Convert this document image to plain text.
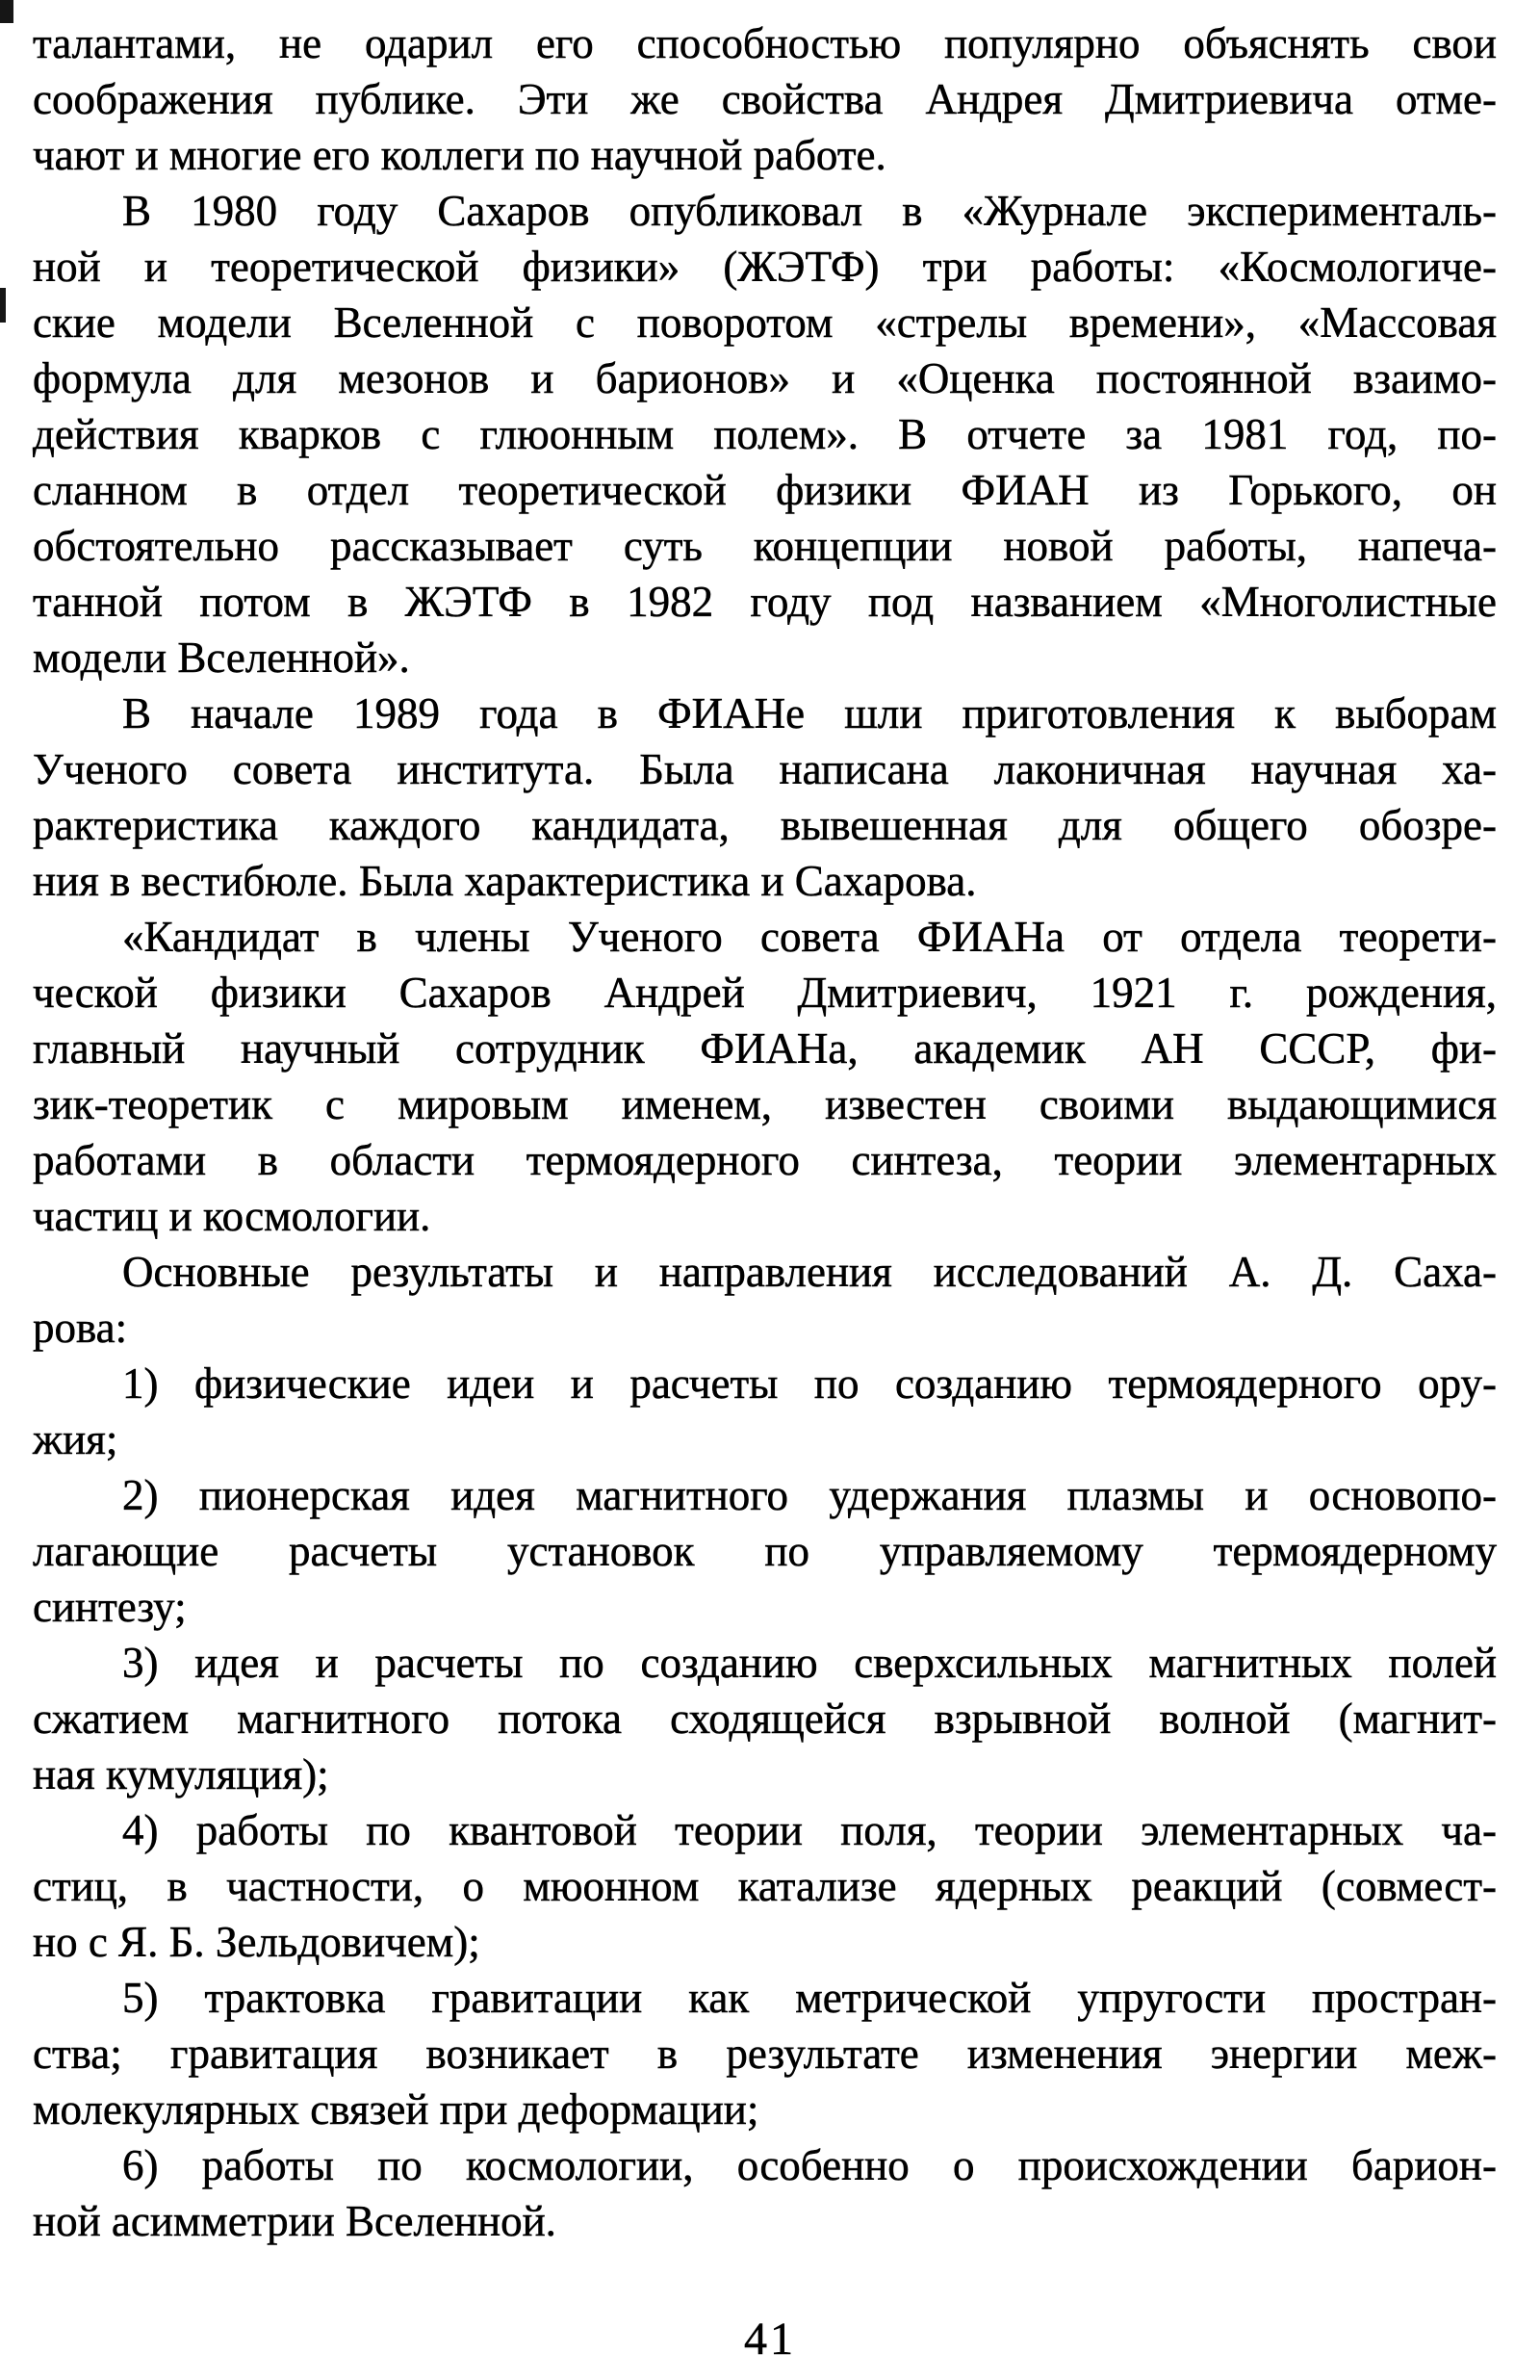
талантами, не одарил его способностью популярно объяснять свои
соображения публике. Эти же свойства Андрея Дмитриевича отме-
чают и многие его коллеги по научной работе.
В 1980 году Сахаров опубликовал в «Журнале эксперименталь-
ной и теоретической физики» (ЖЭТФ) три работы: «Космологиче-
ские модели Вселенной с поворотом «стрелы времени», «Массовая
формула для мезонов и барионов» и «Оценка постоянной взаимо-
действия кварков с глюонным полем». В отчете за 1981 год, по-
сланном в отдел теоретической физики ФИАН из Горького, он
обстоятельно рассказывает суть концепции новой работы, напеча-
танной потом в ЖЭТФ в 1982 году под названием «Многолистные
модели Вселенной».
В начале 1989 года в ФИАНе шли приготовления к выборам
Ученого совета института. Была написана лаконичная научная ха-
рактеристика каждого кандидата, вывешенная для общего обозре-
ния в вестибюле. Была характеристика и Сахарова.
«Кандидат в члены Ученого совета ФИАНа от отдела теорети-
ческой физики Сахаров Андрей Дмитриевич, 1921 г. рождения,
главный научный сотрудник ФИАНа, академик АН СССР, фи-
зик-теоретик с мировым именем, известен своими выдающимися
работами в области термоядерного синтеза, теории элементарных
частиц и космологии.
Основные результаты и направления исследований А. Д. Саха-
рова:
1) физические идеи и расчеты по созданию термоядерного ору-
жия;
2) пионерская идея магнитного удержания плазмы и основопо-
лагающие расчеты установок по управляемому термоядерному
синтезу;
3) идея и расчеты по созданию сверхсильных магнитных полей
сжатием магнитного потока сходящейся взрывной волной (магнит-
ная кумуляция);
4) работы по квантовой теории поля, теории элементарных ча-
стиц, в частности, о мюонном катализе ядерных реакций (совмест-
но с Я. Б. Зельдовичем);
5) трактовка гравитации как метрической упругости простран-
ства; гравитация возникает в результате изменения энергии меж-
молекулярных связей при деформации;
6) работы по космологии, особенно о происхождении барион-
ной асимметрии Вселенной.
41
